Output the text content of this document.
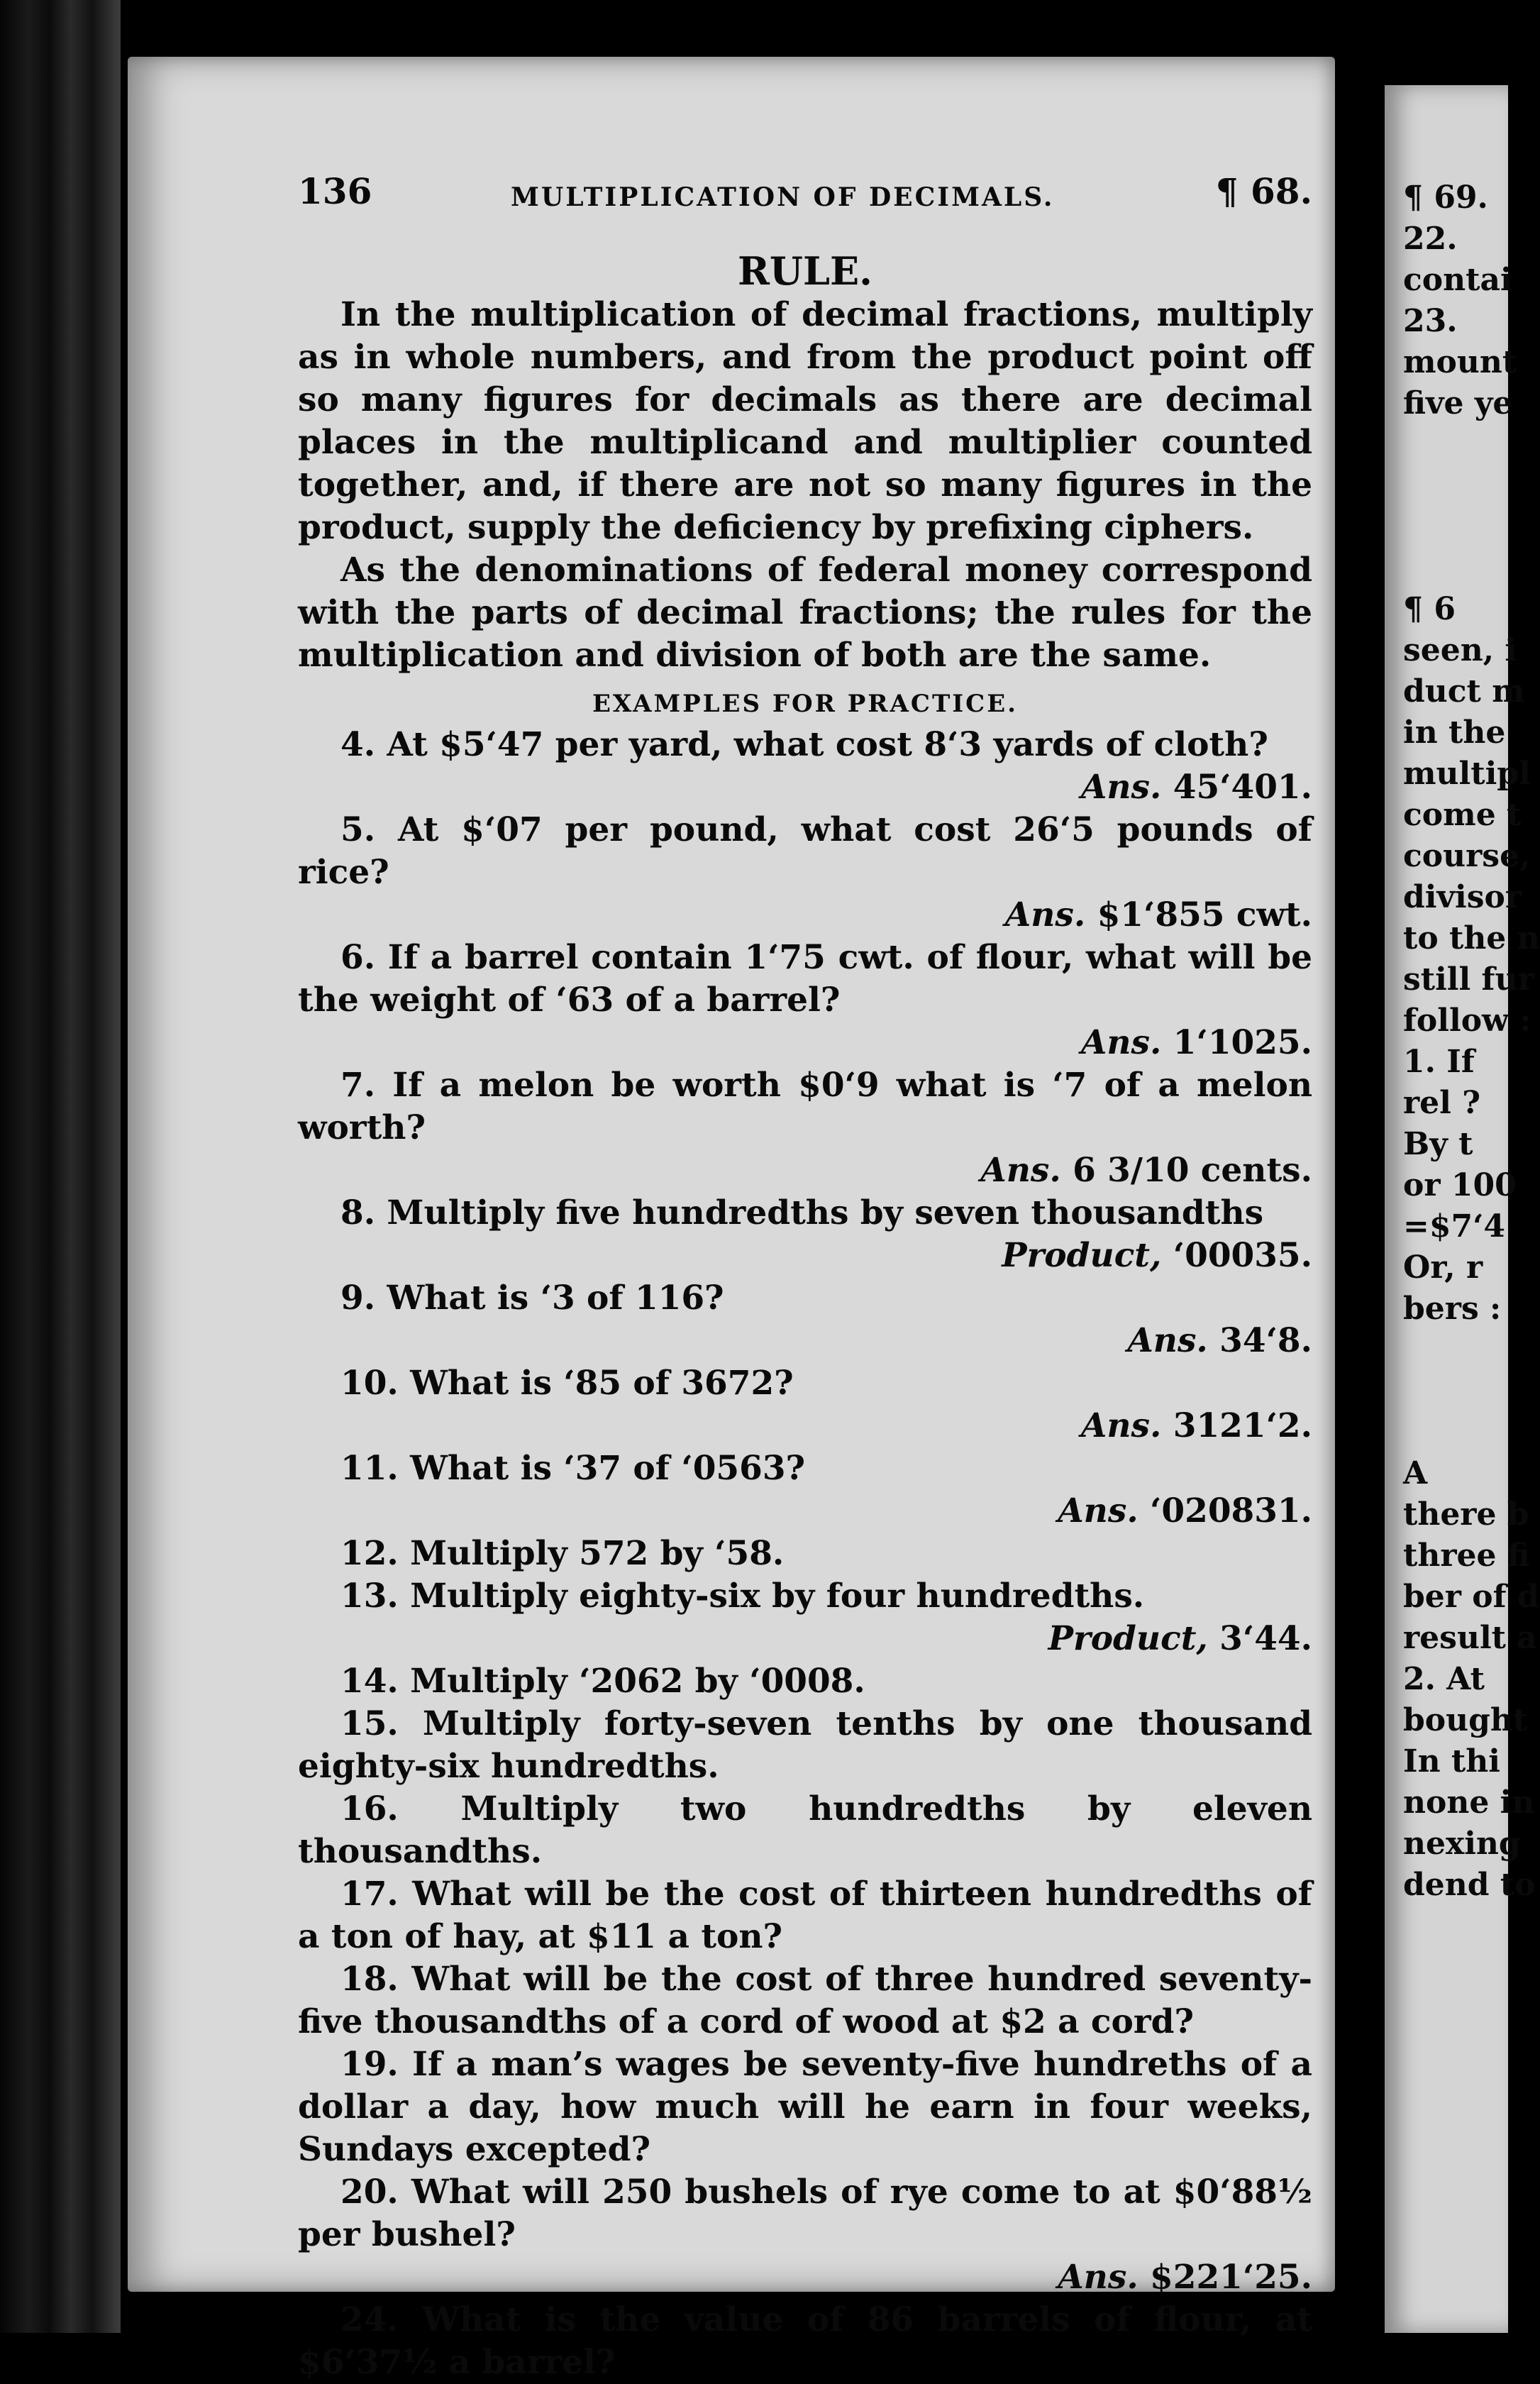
136	MULTIPLICATION OF DECIMALS.	¶ 68.
RULE.

In the multiplication of decimal fractions, multiply as in whole numbers, and from the product point off so many figures for decimals as there are decimal places in the multiplicand and multiplier counted together, and, if there are not so many figures in the product, supply the deficiency by prefixing ciphers.

As the denominations of federal money correspond with the parts of decimal fractions; the rules for the multiplication and division of both are the same.

EXAMPLES FOR PRACTICE.

4. At $5‘47 per yard, what cost 8‘3 yards of cloth?

Ans. 45‘401.

5. At $‘07 per pound, what cost 26‘5 pounds of rice?

Ans. $1‘855 cwt.

6. If a barrel contain 1‘75 cwt. of flour, what will be the weight of ‘63 of a barrel?

Ans. 1‘1025.

7. If a melon be worth $0‘9 what is ‘7 of a melon worth?

Ans. 6 3/10 cents.

8. Multiply five hundredths by seven thousandths

Product, ‘00035.

9. What is ‘3 of 116?

Ans. 34‘8.

10. What is ‘85 of 3672?

Ans. 3121‘2.

11. What is ‘37 of ‘0563?

Ans. ‘020831.

12. Multiply 572 by ‘58.

13. Multiply eighty-six by four hundredths.

Product, 3‘44.

14. Multiply ‘2062 by ‘0008.

15. Multiply forty-seven tenths by one thousand eighty-six hundredths.

16. Multiply two hundredths by eleven thousandths.

17. What will be the cost of thirteen hundredths of a ton of hay, at $11 a ton?

18. What will be the cost of three hundred seventy-five thousandths of a cord of wood at $2 a cord?

19. If a man’s wages be seventy-five hundreths of a dollar a day, how much will he earn in four weeks, Sundays excepted?

20. What will 250 bushels of rye come to at $0‘88½ per bushel?

Ans. $221‘25.

24. What is the value of 86 barrels of flour, at $6‘37½ a barrel?

¶ 69.
22.
contai
23.
mount
five ye
¶ 6
seen, i
duct m
in the
multipl
come t
course,
divisor
to the n
still fur
follow :
1. If
rel ?
By t
or 100
=$7‘4
Or, r
bers :
A
there b
three fi
ber of d
result a
2. At
bought
In thi
none in
nexing
dend to
